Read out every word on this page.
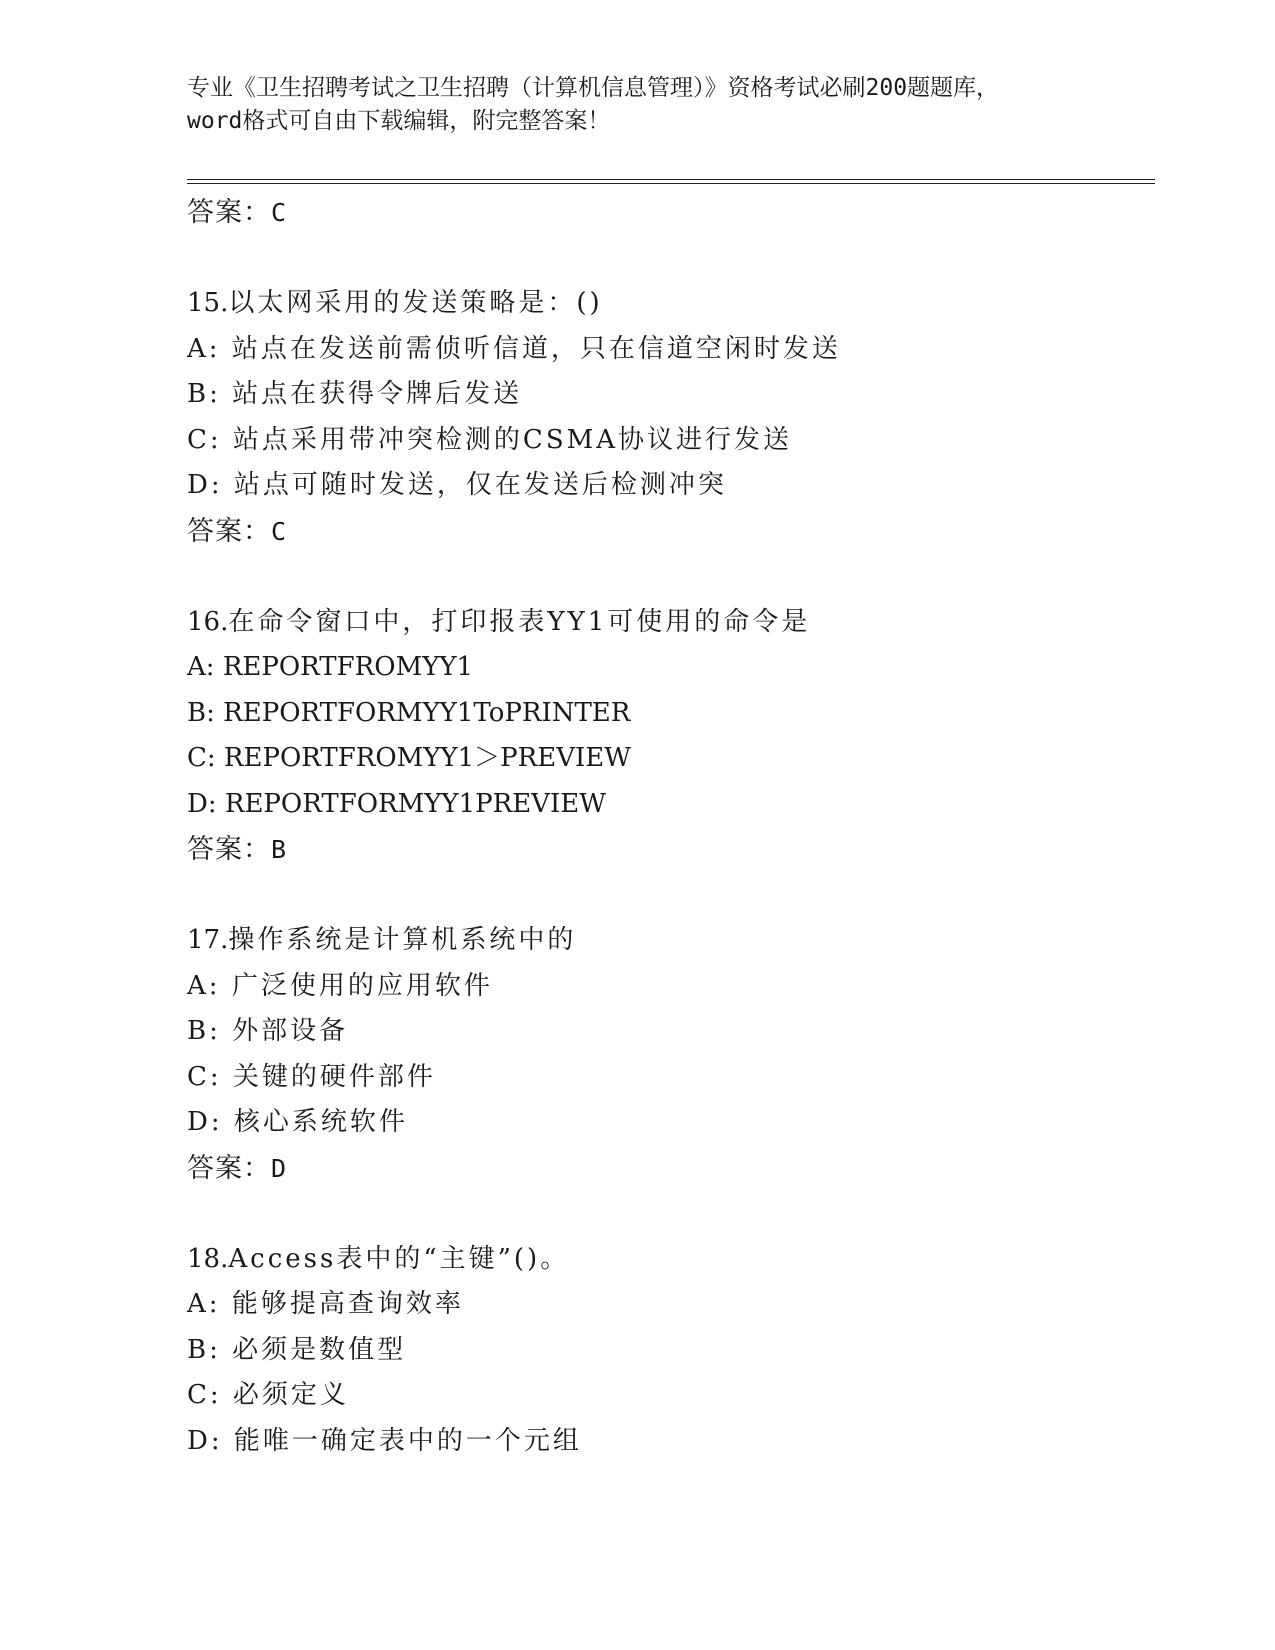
专业《卫生招聘考试之卫生招聘（计算机信息管理）》资格考试必刷200题题库，
word格式可自由下载编辑，附完整答案！
答案：C
15.以太网采用的发送策略是：()
A: 站点在发送前需侦听信道，只在信道空闲时发送
B: 站点在获得令牌后发送
C: 站点采用带冲突检测的CSMA协议进行发送
D: 站点可随时发送，仅在发送后检测冲突
答案：C
16.在命令窗口中，打印报表YY1可使用的命令是
A: REPORTFROMYY1
B: REPORTFORMYY1ToPRINTER
C: REPORTFROMYY1＞PREVIEW
D: REPORTFORMYY1PREVIEW
答案：B
17.操作系统是计算机系统中的
A: 广泛使用的应用软件
B: 外部设备
C: 关键的硬件部件
D: 核心系统软件
答案：D
18.Access表中的“主键”()。
A: 能够提高查询效率
B: 必须是数值型
C: 必须定义
D: 能唯一确定表中的一个元组
